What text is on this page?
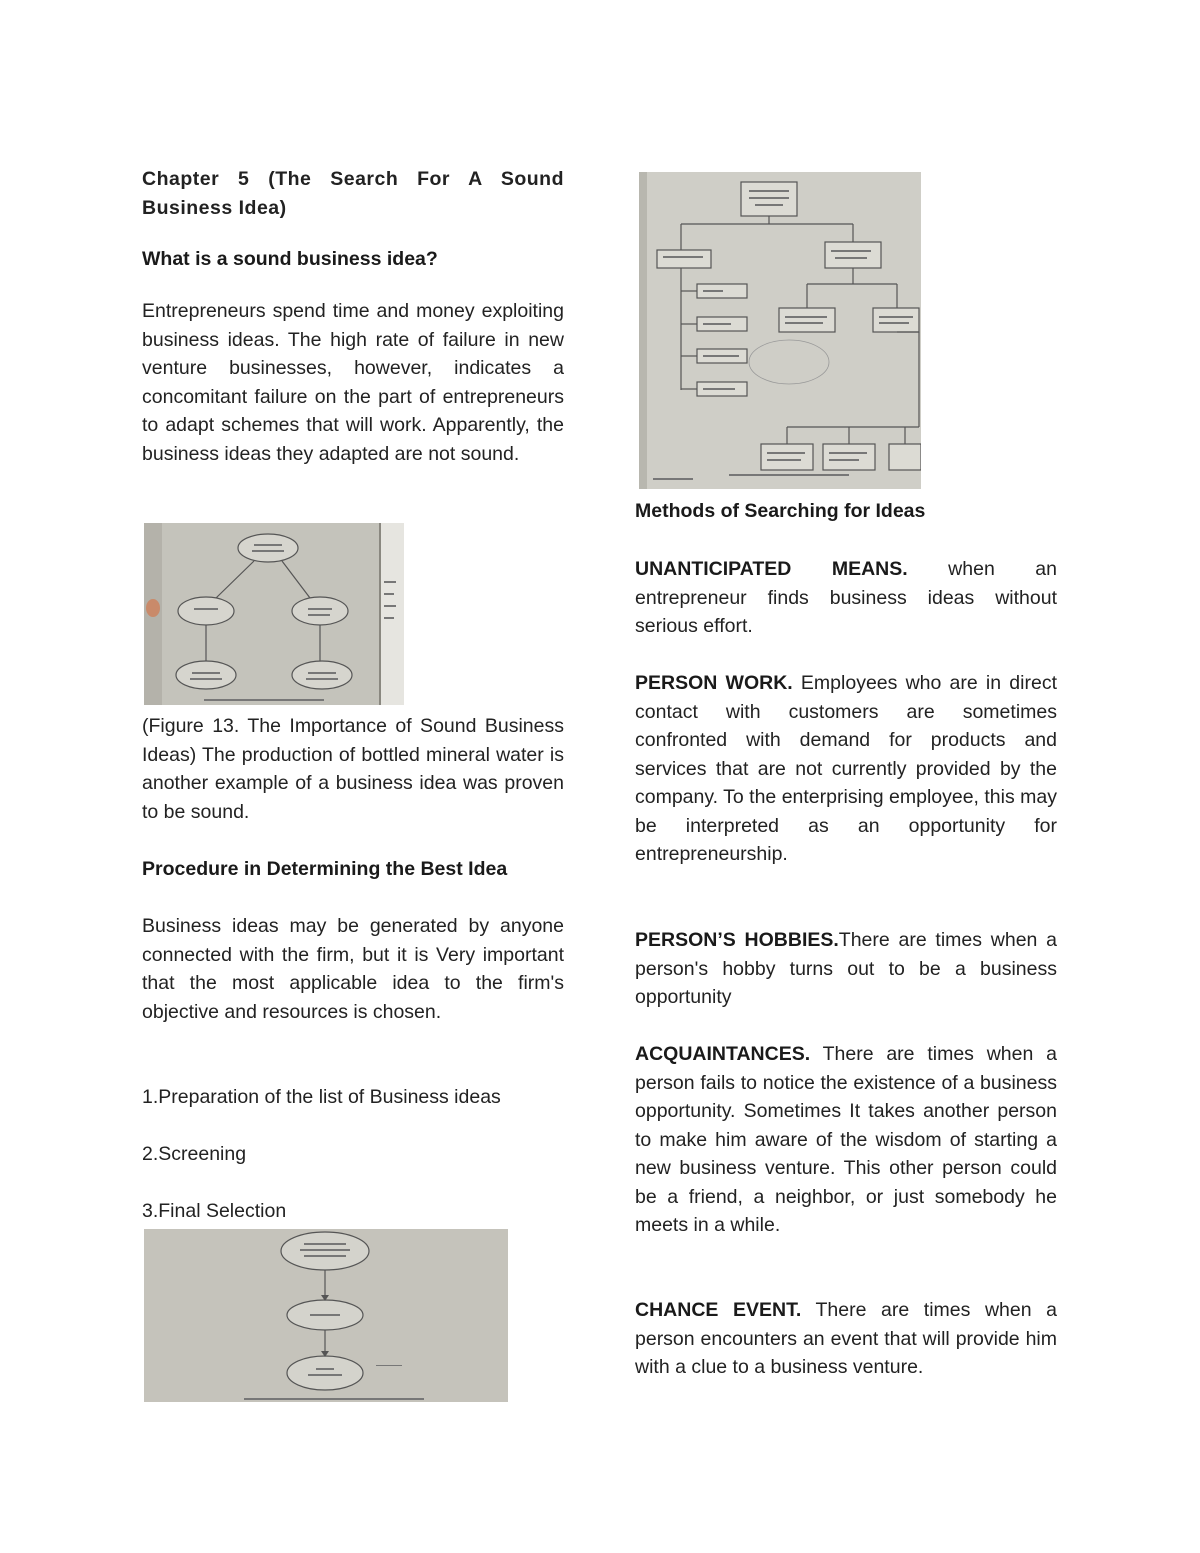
Chapter 5 (The Search For A Sound Business Idea)

What is a sound business idea?

Entrepreneurs spend time and money exploiting business ideas. The high rate of failure in new venture businesses, however, indicates a concomitant failure on the part of entrepreneurs to adapt schemes that will work. Apparently, the business ideas they adapted are not sound.

(Figure 13. The Importance of Sound Business Ideas) The production of bottled mineral water is another example of a business idea was proven to be sound.

Procedure in Determining the Best Idea

Business ideas may be generated by anyone connected with the firm, but it is Very important that the most applicable idea to the firm's objective and resources is chosen.

1.Preparation of the list of Business ideas

2.Screening

3.Final Selection

Methods of Searching for Ideas

UNANTICIPATED MEANS. when an entrepreneur finds business ideas without serious effort.

PERSON WORK. Employees who are in direct contact with customers are sometimes confronted with demand for products and services that are not currently provided by the company. To the enterprising employee, this may be interpreted as an opportunity for entrepreneurship.

PERSON’S HOBBIES.There are times when a person's hobby turns out to be a business opportunity

ACQUAINTANCES. There are times when a person fails to notice the existence of a business opportunity. Sometimes It takes another person to make him aware of the wisdom of starting a new business venture. This other person could be a friend, a neighbor, or just somebody he meets in a while.

CHANCE EVENT. There are times when a person encounters an event that will provide him with a clue to a business venture.
